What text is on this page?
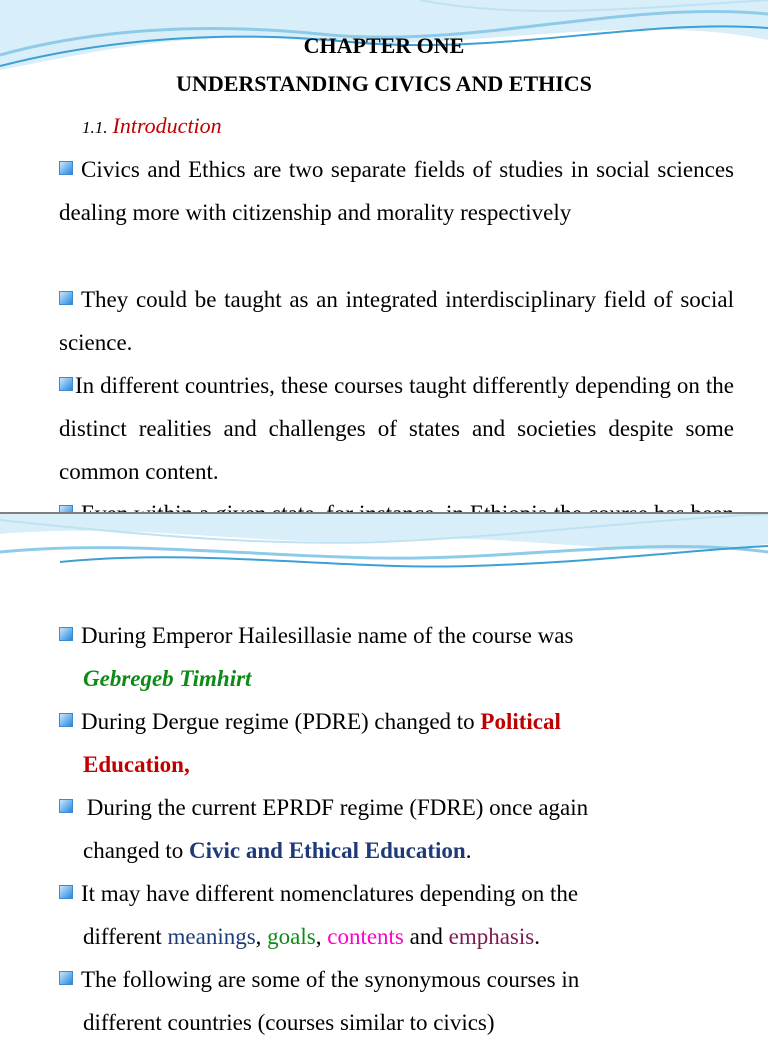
CHAPTER ONE
UNDERSTANDING CIVICS AND ETHICS
1.1. Introduction
Civics and Ethics are two separate fields of studies in social sciences dealing more with citizenship and morality respectively
They could be taught as an integrated interdisciplinary field of social science.
In different countries, these courses taught differently depending on the distinct realities and challenges of states and societies despite some common content.
During Emperor Hailesillasie name of the course was
Gebregeb Timhirt
During Dergue regime (PDRE) changed to Political
Education,
During the current EPRDF regime (FDRE) once again
changed to Civic and Ethical Education.
It may have different nomenclatures depending on the
different meanings, goals, contents and emphasis.
The following are some of the synonymous courses in
different countries (courses similar to civics)
